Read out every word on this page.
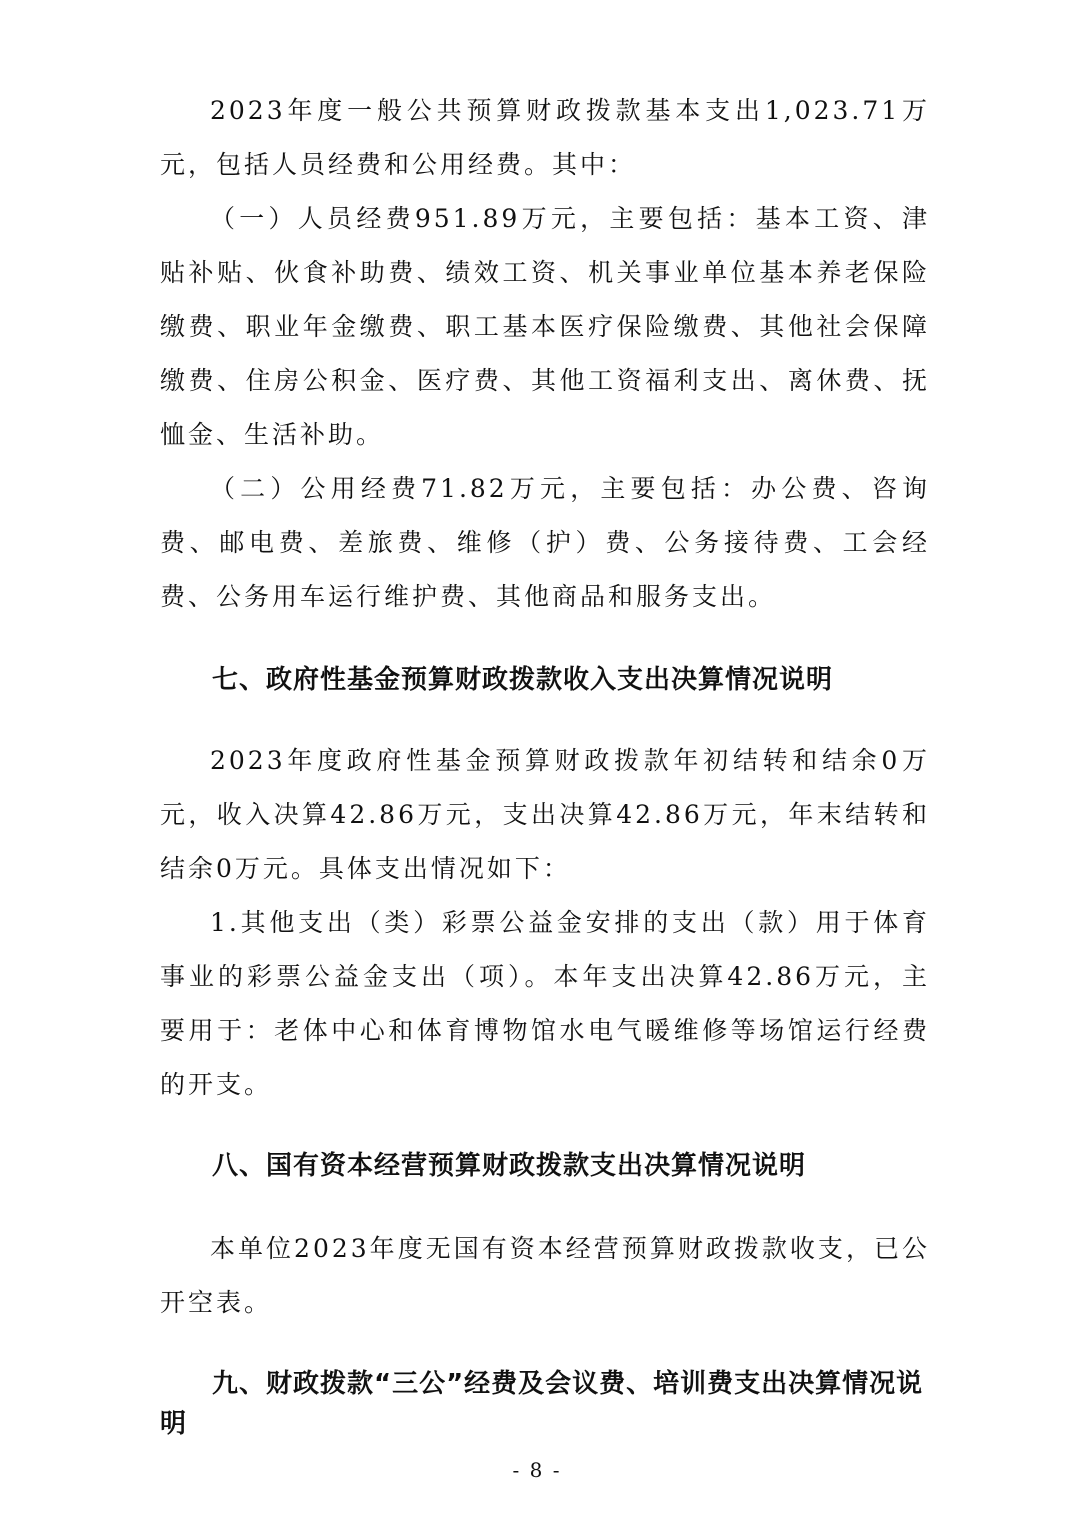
2023年度一般公共预算财政拨款基本支出1,023.71万元，包括人员经费和公用经费。其中：

（一）人员经费951.89万元，主要包括：基本工资、津贴补贴、伙食补助费、绩效工资、机关事业单位基本养老保险缴费、职业年金缴费、职工基本医疗保险缴费、其他社会保障缴费、住房公积金、医疗费、其他工资福利支出、离休费、抚恤金、生活补助。

（二）公用经费71.82万元，主要包括：办公费、咨询费、邮电费、差旅费、维修（护）费、公务接待费、工会经费、公务用车运行维护费、其他商品和服务支出。

七、政府性基金预算财政拨款收入支出决算情况说明

2023年度政府性基金预算财政拨款年初结转和结余0万元，收入决算42.86万元，支出决算42.86万元，年末结转和结余0万元。具体支出情况如下：

1.其他支出（类）彩票公益金安排的支出（款）用于体育事业的彩票公益金支出（项）。本年支出决算42.86万元，主要用于：老体中心和体育博物馆水电气暖维修等场馆运行经费的开支。

八、国有资本经营预算财政拨款支出决算情况说明

本单位2023年度无国有资本经营预算财政拨款收支，已公开空表。

九、财政拨款“三公”经费及会议费、培训费支出决算情况说明
- 8 -
